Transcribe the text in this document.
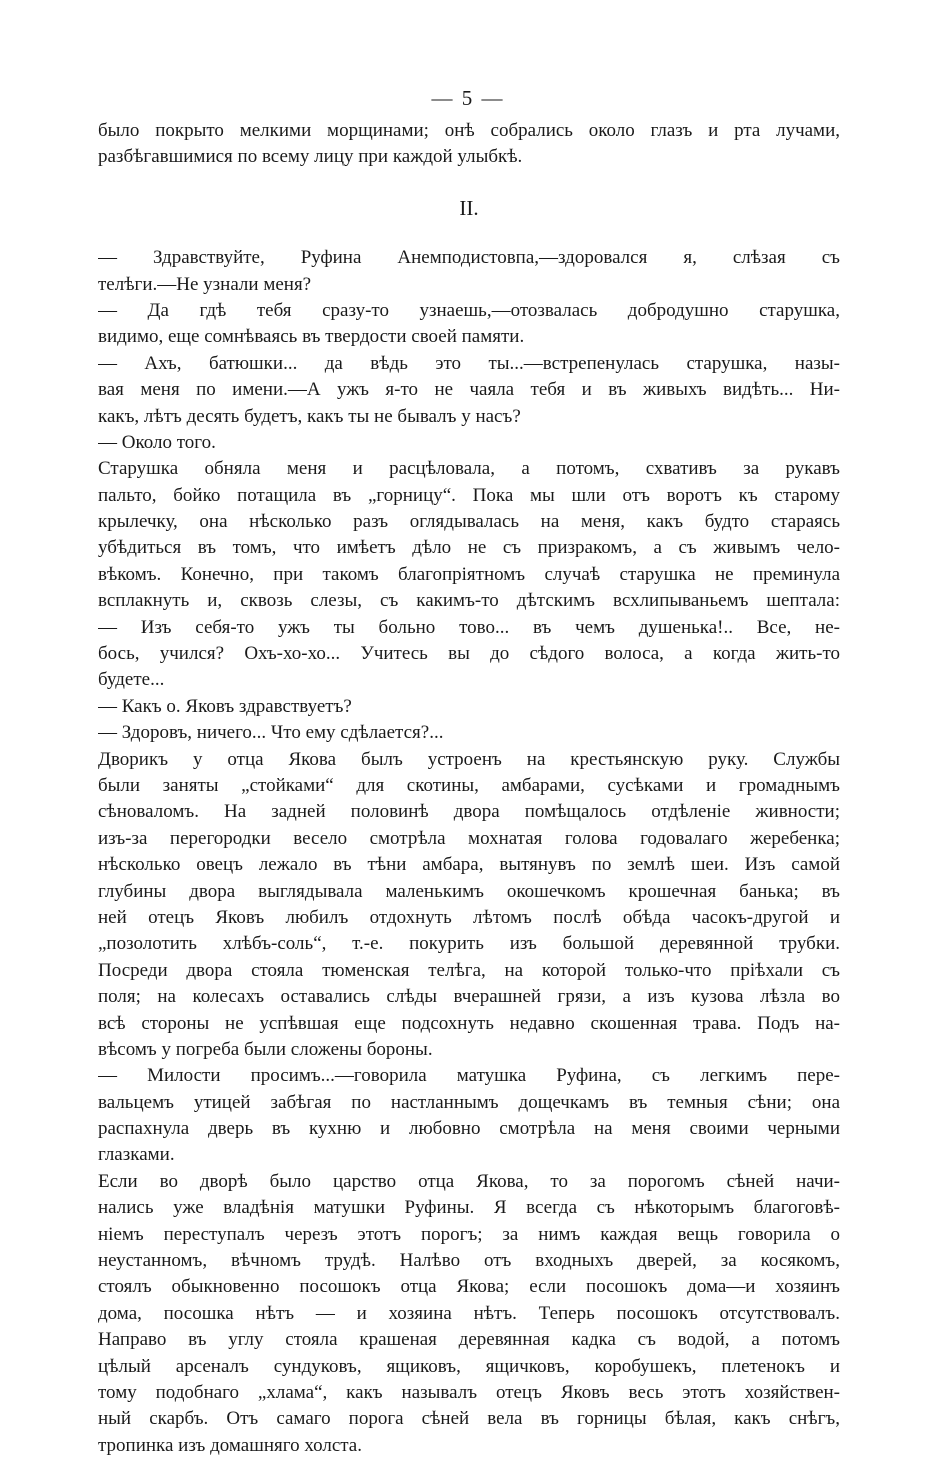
— 5 —
было покрыто мелкими морщинами; онѣ собрались около глазъ и рта лучами,
разбѣгавшимися по всему лицу при каждой улыбкѣ.
II.
— Здравствуйте, Руфина Анемподистовпа,—здоровался я, слѣзая съ
телѣги.—Не узнали меня?
— Да гдѣ тебя сразу-то узнаешь,—отозвалась добродушно старушка,
видимо, еще сомнѣваясь въ твердости своей памяти.
— Ахъ, батюшки... да вѣдь это ты...—встрепенулась старушка, назы-
вая меня по имени.—А ужъ я-то не чаяла тебя и въ живыхъ видѣть... Ни-
какъ, лѣтъ десять будетъ, какъ ты не бывалъ у насъ?
— Около того.
Старушка обняла меня и расцѣловала, а потомъ, схвативъ за рукавъ
пальто, бойко потащила въ „горницу“. Пока мы шли отъ воротъ къ старому
крылечку, она нѣсколько разъ оглядывалась на меня, какъ будто стараясь
убѣдиться въ томъ, что имѣетъ дѣло не съ призракомъ, а съ живымъ чело-
вѣкомъ. Конечно, при такомъ благопріятномъ случаѣ старушка не преминула
всплакнуть и, сквозь слезы, съ какимъ-то дѣтскимъ всхлипываньемъ шептала:
— Изъ себя-то ужъ ты больно тово... въ чемъ душенька!.. Все, не-
бось, учился? Охъ-хо-хо... Учитесь вы до сѣдого волоса, а когда жить-то
будете...
— Какъ о. Яковъ здравствуетъ?
— Здоровъ, ничего... Что ему сдѣлается?...
Дворикъ у отца Якова былъ устроенъ на крестьянскую руку. Службы
были заняты „стойками“ для скотины, амбарами, сусѣками и громаднымъ
сѣноваломъ. На задней половинѣ двора помѣщалось отдѣленіе живности;
изъ-за перегородки весело смотрѣла мохнатая голова годовалаго жеребенка;
нѣсколько овецъ лежало въ тѣни амбара, вытянувъ по землѣ шеи. Изъ самой
глубины двора выглядывала маленькимъ окошечкомъ крошечная банька; въ
ней отецъ Яковъ любилъ отдохнуть лѣтомъ послѣ обѣда часокъ-другой и
„позолотить хлѣбъ-соль“, т.-е. покурить изъ большой деревянной трубки.
Посреди двора стояла тюменская телѣга, на которой только-что пріѣхали съ
поля; на колесахъ оставались слѣды вчерашней грязи, а изъ кузова лѣзла во
всѣ стороны не успѣвшая еще подсохнуть недавно скошенная трава. Подъ на-
вѣсомъ у погреба были сложены бороны.
— Милости просимъ...—говорила матушка Руфина, съ легкимъ пере-
вальцемъ утицей забѣгая по настланнымъ дощечкамъ въ темныя сѣни; она
распахнула дверь въ кухню и любовно смотрѣла на меня своими черными
глазками.
Если во дворѣ было царство отца Якова, то за порогомъ сѣней начи-
нались уже владѣнія матушки Руфины. Я всегда съ нѣкоторымъ благоговѣ-
ніемъ переступалъ черезъ этотъ порогъ; за нимъ каждая вещь говорила о
неустанномъ, вѣчномъ трудѣ. Налѣво отъ входныхъ дверей, за косякомъ,
стоялъ обыкновенно посошокъ отца Якова; если посошокъ дома—и хозяинъ
дома, посошка нѣтъ — и хозяина нѣтъ. Теперь посошокъ отсутствовалъ.
Направо въ углу стояла крашеная деревянная кадка съ водой, а потомъ
цѣлый арсеналъ сундуковъ, ящиковъ, ящичковъ, коробушекъ, плетенокъ и
тому подобнаго „хлама“, какъ называлъ отецъ Яковъ весь этотъ хозяйствен-
ный скарбъ. Отъ самаго порога сѣней вела въ горницы бѣлая, какъ снѣгъ,
тропинка изъ домашняго холста.
